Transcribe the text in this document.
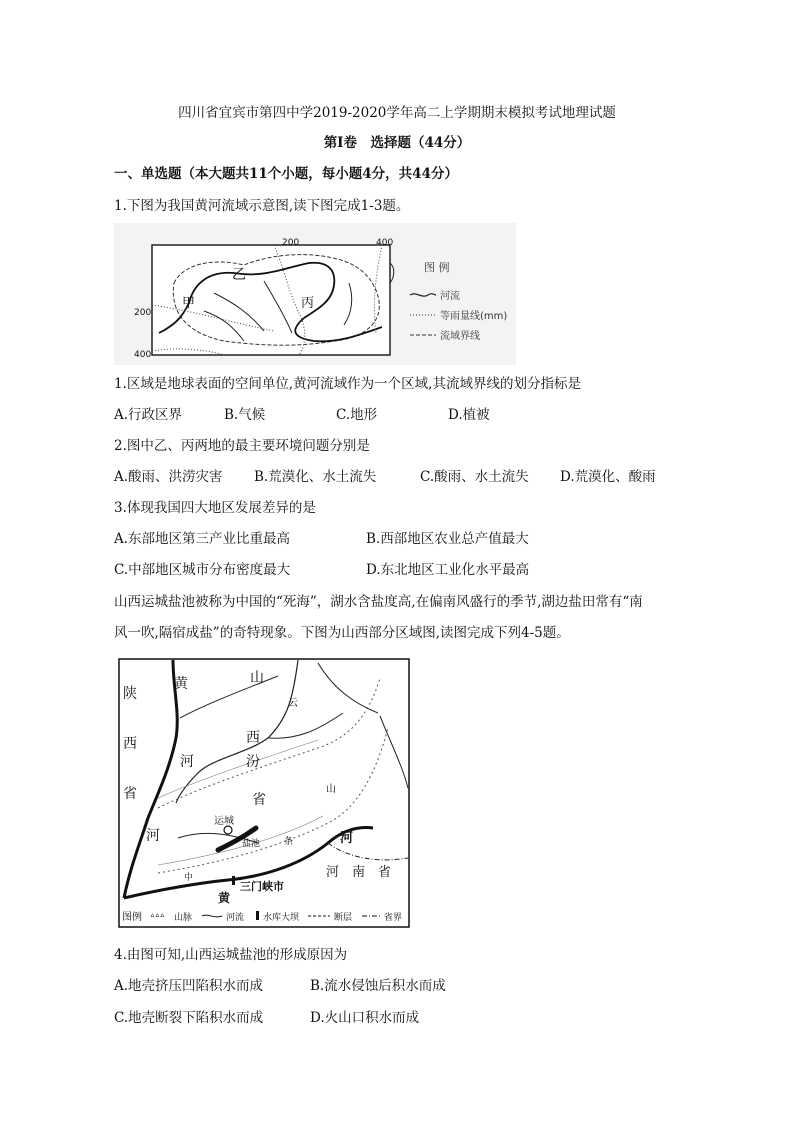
四川省宜宾市第四中学2019-2020学年高二上学期期末模拟考试地理试题
第Ⅰ卷　选择题（44分）
一、单选题（本大题共11个小题，每小题4分，共44分）
1.下图为我国黄河流域示意图,读下图完成1-3题。
乙
甲	丙
200	400
200
400
图 例
河流
等雨量线(mm)
流域界线
1.区域是地球表面的空间单位,黄河流域作为一个区域,其流域界线的划分指标是
A.行政区界	B.气候	C.地形	D.植被
2.图中乙、丙两地的最主要环境问题分别是
A.酸雨、洪涝灾害 B.荒漠化、水土流失	C.酸雨、水土流失 D.荒漠化、酸雨
3.体现我国四大地区发展差异的是
A.东部地区第三产业比重最高	B.西部地区农业总产值最大
C.中部地区城市分布密度最大	D.东北地区工业化水平最高
山西运城盐池被称为中国的“死海”，湖水含盐度高,在偏南风盛行的季节,湖边盐田常有“南
风一吹,隔宿成盐”的奇特现象。下图为山西部分区域图,读图完成下列4-5题。
陕
西
省
河
黄	山
云
西
河	汾
省
山
运城
盐池	条
中
河
河　南　省
黄
三门峡市
图例 ᐞᐞᐞ 山脉	河流 水库大坝	断层	省界
4.由图可知,山西运城盐池的形成原因为
A.地壳挤压凹陷积水而成	B.流水侵蚀后积水而成
C.地壳断裂下陷积水而成	D.火山口积水而成
